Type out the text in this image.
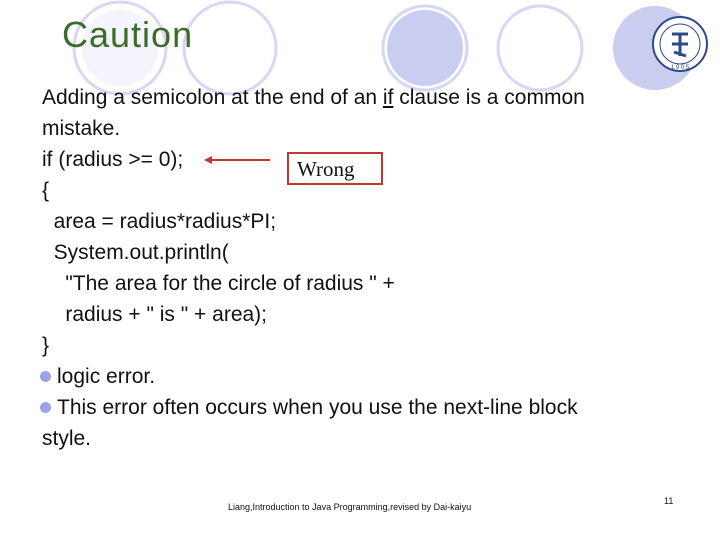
Caution
1 9 0 5
Adding a semicolon at the end of an if clause is a common
mistake.
if (radius >= 0);
{
area = radius*radius*PI;
System.out.println(
"The area for the circle of radius " +
radius + " is " + area);
}
logic error.
This error often occurs when you use the next-line block
style.
Wrong
Liang,Introduction to Java Programming,revised by Dai-kaiyu
11
